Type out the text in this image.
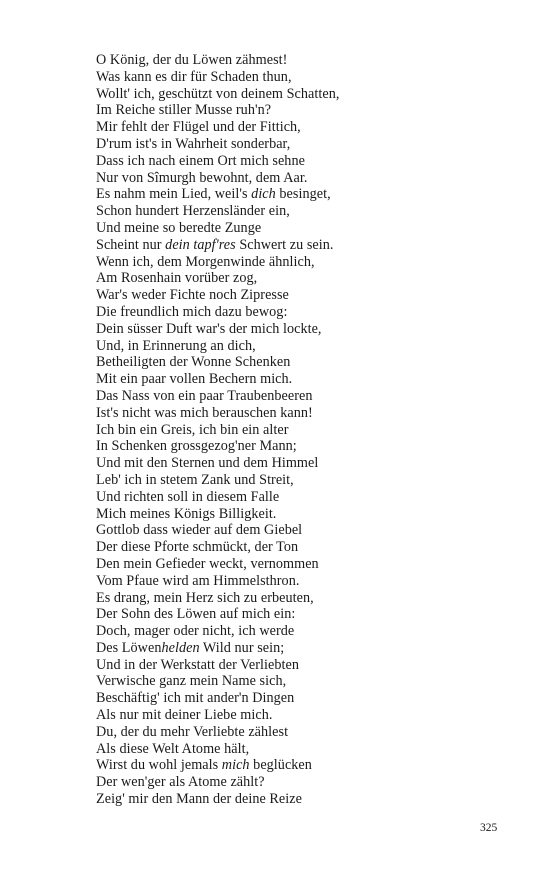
O König, der du Löwen zähmest!
Was kann es dir für Schaden thun,
Wollt' ich, geschützt von deinem Schatten,
Im Reiche stiller Musse ruh'n?
Mir fehlt der Flügel und der Fittich,
D'rum ist's in Wahrheit sonderbar,
Dass ich nach einem Ort mich sehne
Nur von Sîmurgh bewohnt, dem Aar.
Es nahm mein Lied, weil's dich besinget,
Schon hundert Herzensländer ein,
Und meine so beredte Zunge
Scheint nur dein tapf'res Schwert zu sein.
Wenn ich, dem Morgenwinde ähnlich,
Am Rosenhain vorüber zog,
War's weder Fichte noch Zipresse
Die freundlich mich dazu bewog:
Dein süsser Duft war's der mich lockte,
Und, in Erinnerung an dich,
Betheiligten der Wonne Schenken
Mit ein paar vollen Bechern mich.
Das Nass von ein paar Traubenbeeren
Ist's nicht was mich berauschen kann!
Ich bin ein Greis, ich bin ein alter
In Schenken grossgezog'ner Mann;
Und mit den Sternen und dem Himmel
Leb' ich in stetem Zank und Streit,
Und richten soll in diesem Falle
Mich meines Königs Billigkeit.
Gottlob dass wieder auf dem Giebel
Der diese Pforte schmückt, der Ton
Den mein Gefieder weckt, vernommen
Vom Pfaue wird am Himmelsthron.
Es drang, mein Herz sich zu erbeuten,
Der Sohn des Löwen auf mich ein:
Doch, mager oder nicht, ich werde
Des Löwenhelden Wild nur sein;
Und in der Werkstatt der Verliebten
Verwische ganz mein Name sich,
Beschäftig' ich mit ander'n Dingen
Als nur mit deiner Liebe mich.
Du, der du mehr Verliebte zählest
Als diese Welt Atome hält,
Wirst du wohl jemals mich beglücken
Der wen'ger als Atome zählt?
Zeig' mir den Mann der deine Reize
325
